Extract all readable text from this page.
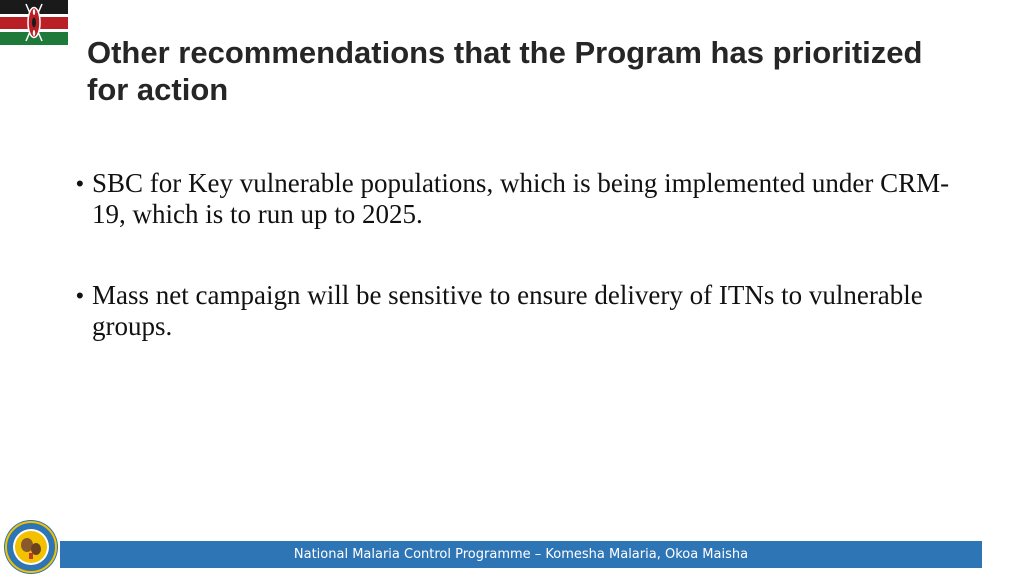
Other recommendations that the Program has prioritized for action
• SBC for Key vulnerable populations, which is being implemented under CRM-19, which is to run up to 2025.
• Mass net campaign will be sensitive to ensure delivery of ITNs to vulnerable groups.
National Malaria Control Programme – Komesha Malaria, Okoa Maisha
